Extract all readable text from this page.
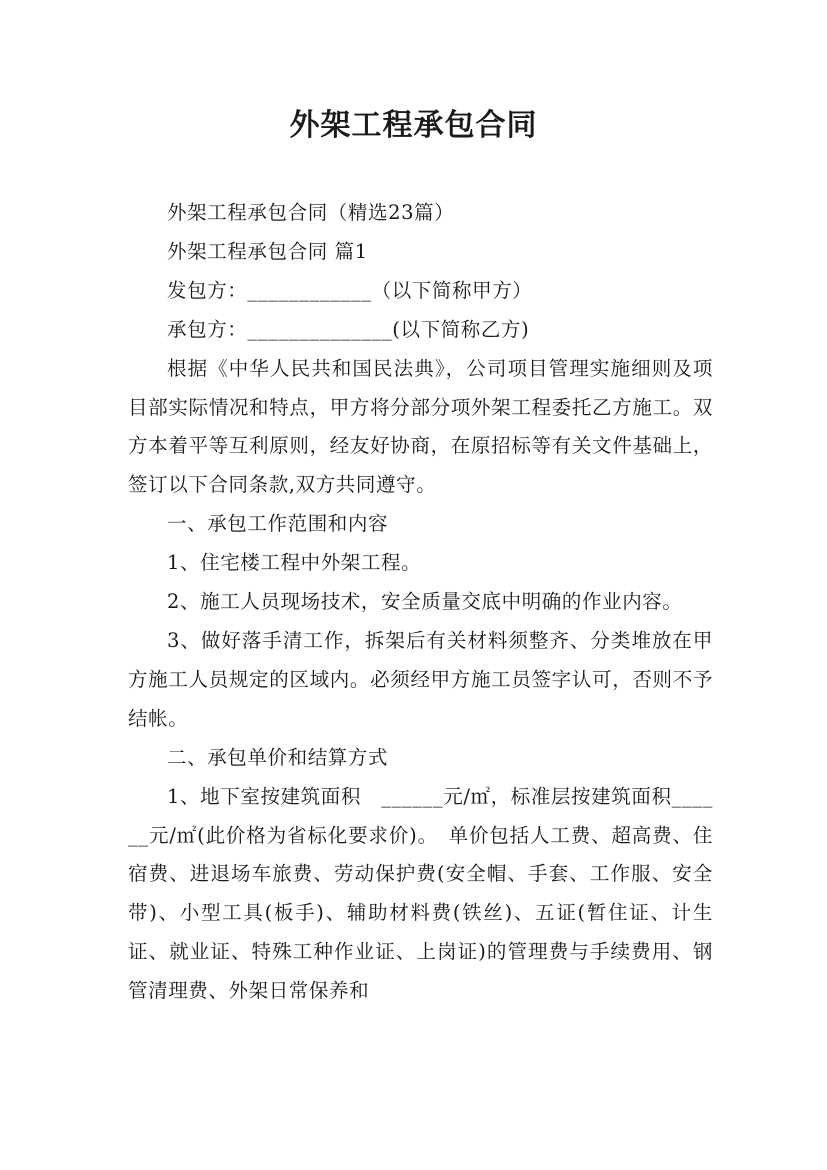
外架工程承包合同

外架工程承包合同（精选23篇）

外架工程承包合同 篇1

发包方：____________（以下简称甲方）

承包方：______________(以下简称乙方)

根据《中华人民共和国民法典》，公司项目管理实施细则及项目部实际情况和特点，甲方将分部分项外架工程委托乙方施工。双方本着平等互利原则，经友好协商，在原招标等有关文件基础上，签订以下合同条款,双方共同遵守。

一、承包工作范围和内容

1、住宅楼工程中外架工程。

2、施工人员现场技术，安全质量交底中明确的作业内容。

3、做好落手清工作，拆架后有关材料须整齐、分类堆放在甲方施工人员规定的区域内。必须经甲方施工员签字认可，否则不予结帐。

二、承包单价和结算方式

1、地下室按建筑面积　______元/㎡，标准层按建筑面积______元/㎡(此价格为省标化要求价)。　单价包括人工费、超高费、住宿费、进退场车旅费、劳动保护费(安全帽、手套、工作服、安全带)、小型工具(板手)、辅助材料费(铁丝)、五证(暂住证、计生证、就业证、特殊工种作业证、上岗证)的管理费与手续费用、钢管清理费、外架日常保养和
